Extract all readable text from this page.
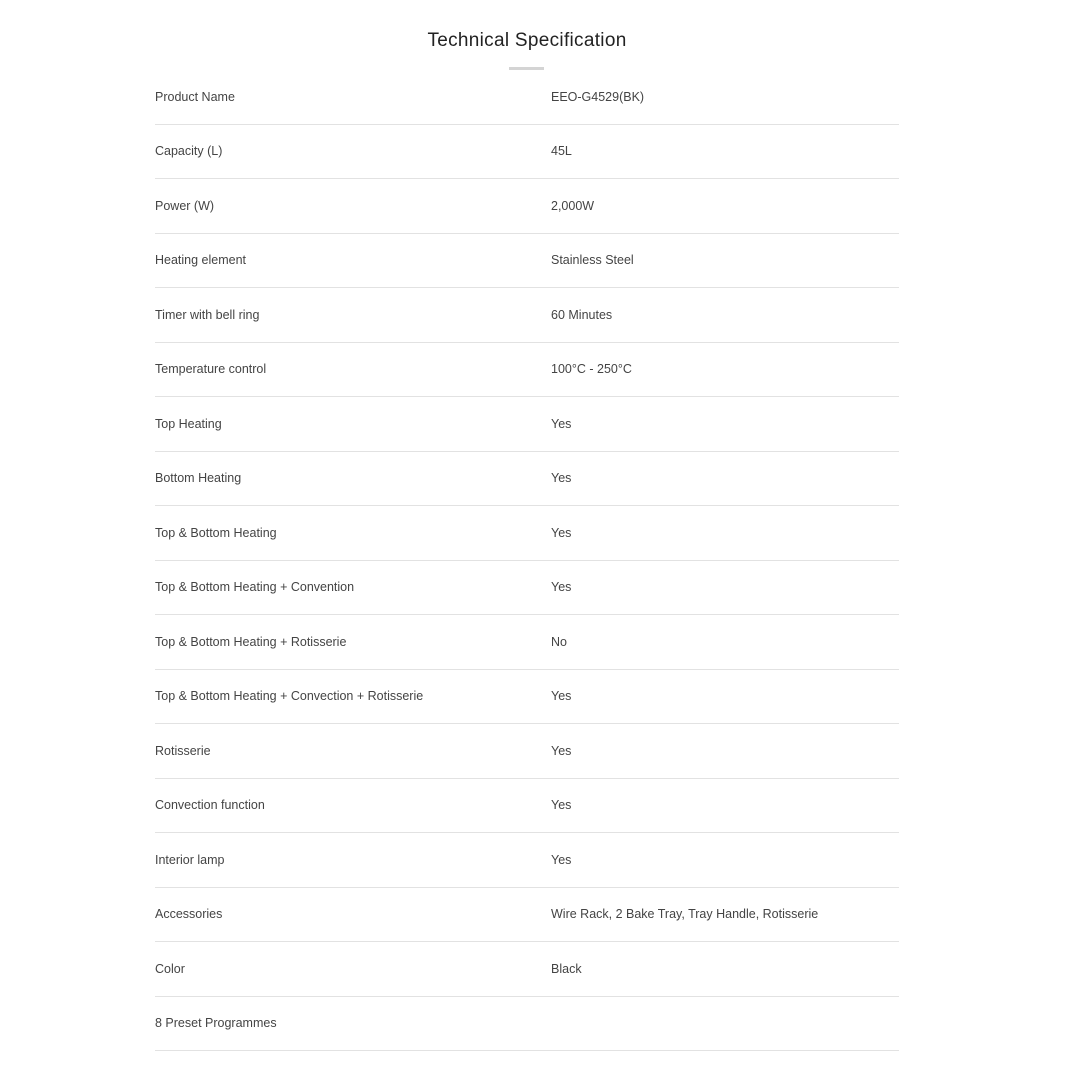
Technical Specification
Product Name	EEO-G4529(BK)
Capacity (L)	45L
Power (W)	2,000W
Heating element	Stainless Steel
Timer with bell ring	60 Minutes
Temperature control	100°C - 250°C
Top Heating	Yes
Bottom Heating	Yes
Top & Bottom Heating	Yes
Top & Bottom Heating + Convention	Yes
Top & Bottom Heating + Rotisserie	No
Top & Bottom Heating + Convection + Rotisserie	Yes
Rotisserie	Yes
Convection function	Yes
Interior lamp	Yes
Accessories	Wire Rack, 2 Bake Tray, Tray Handle, Rotisserie
Color	Black
8 Preset Programmes
